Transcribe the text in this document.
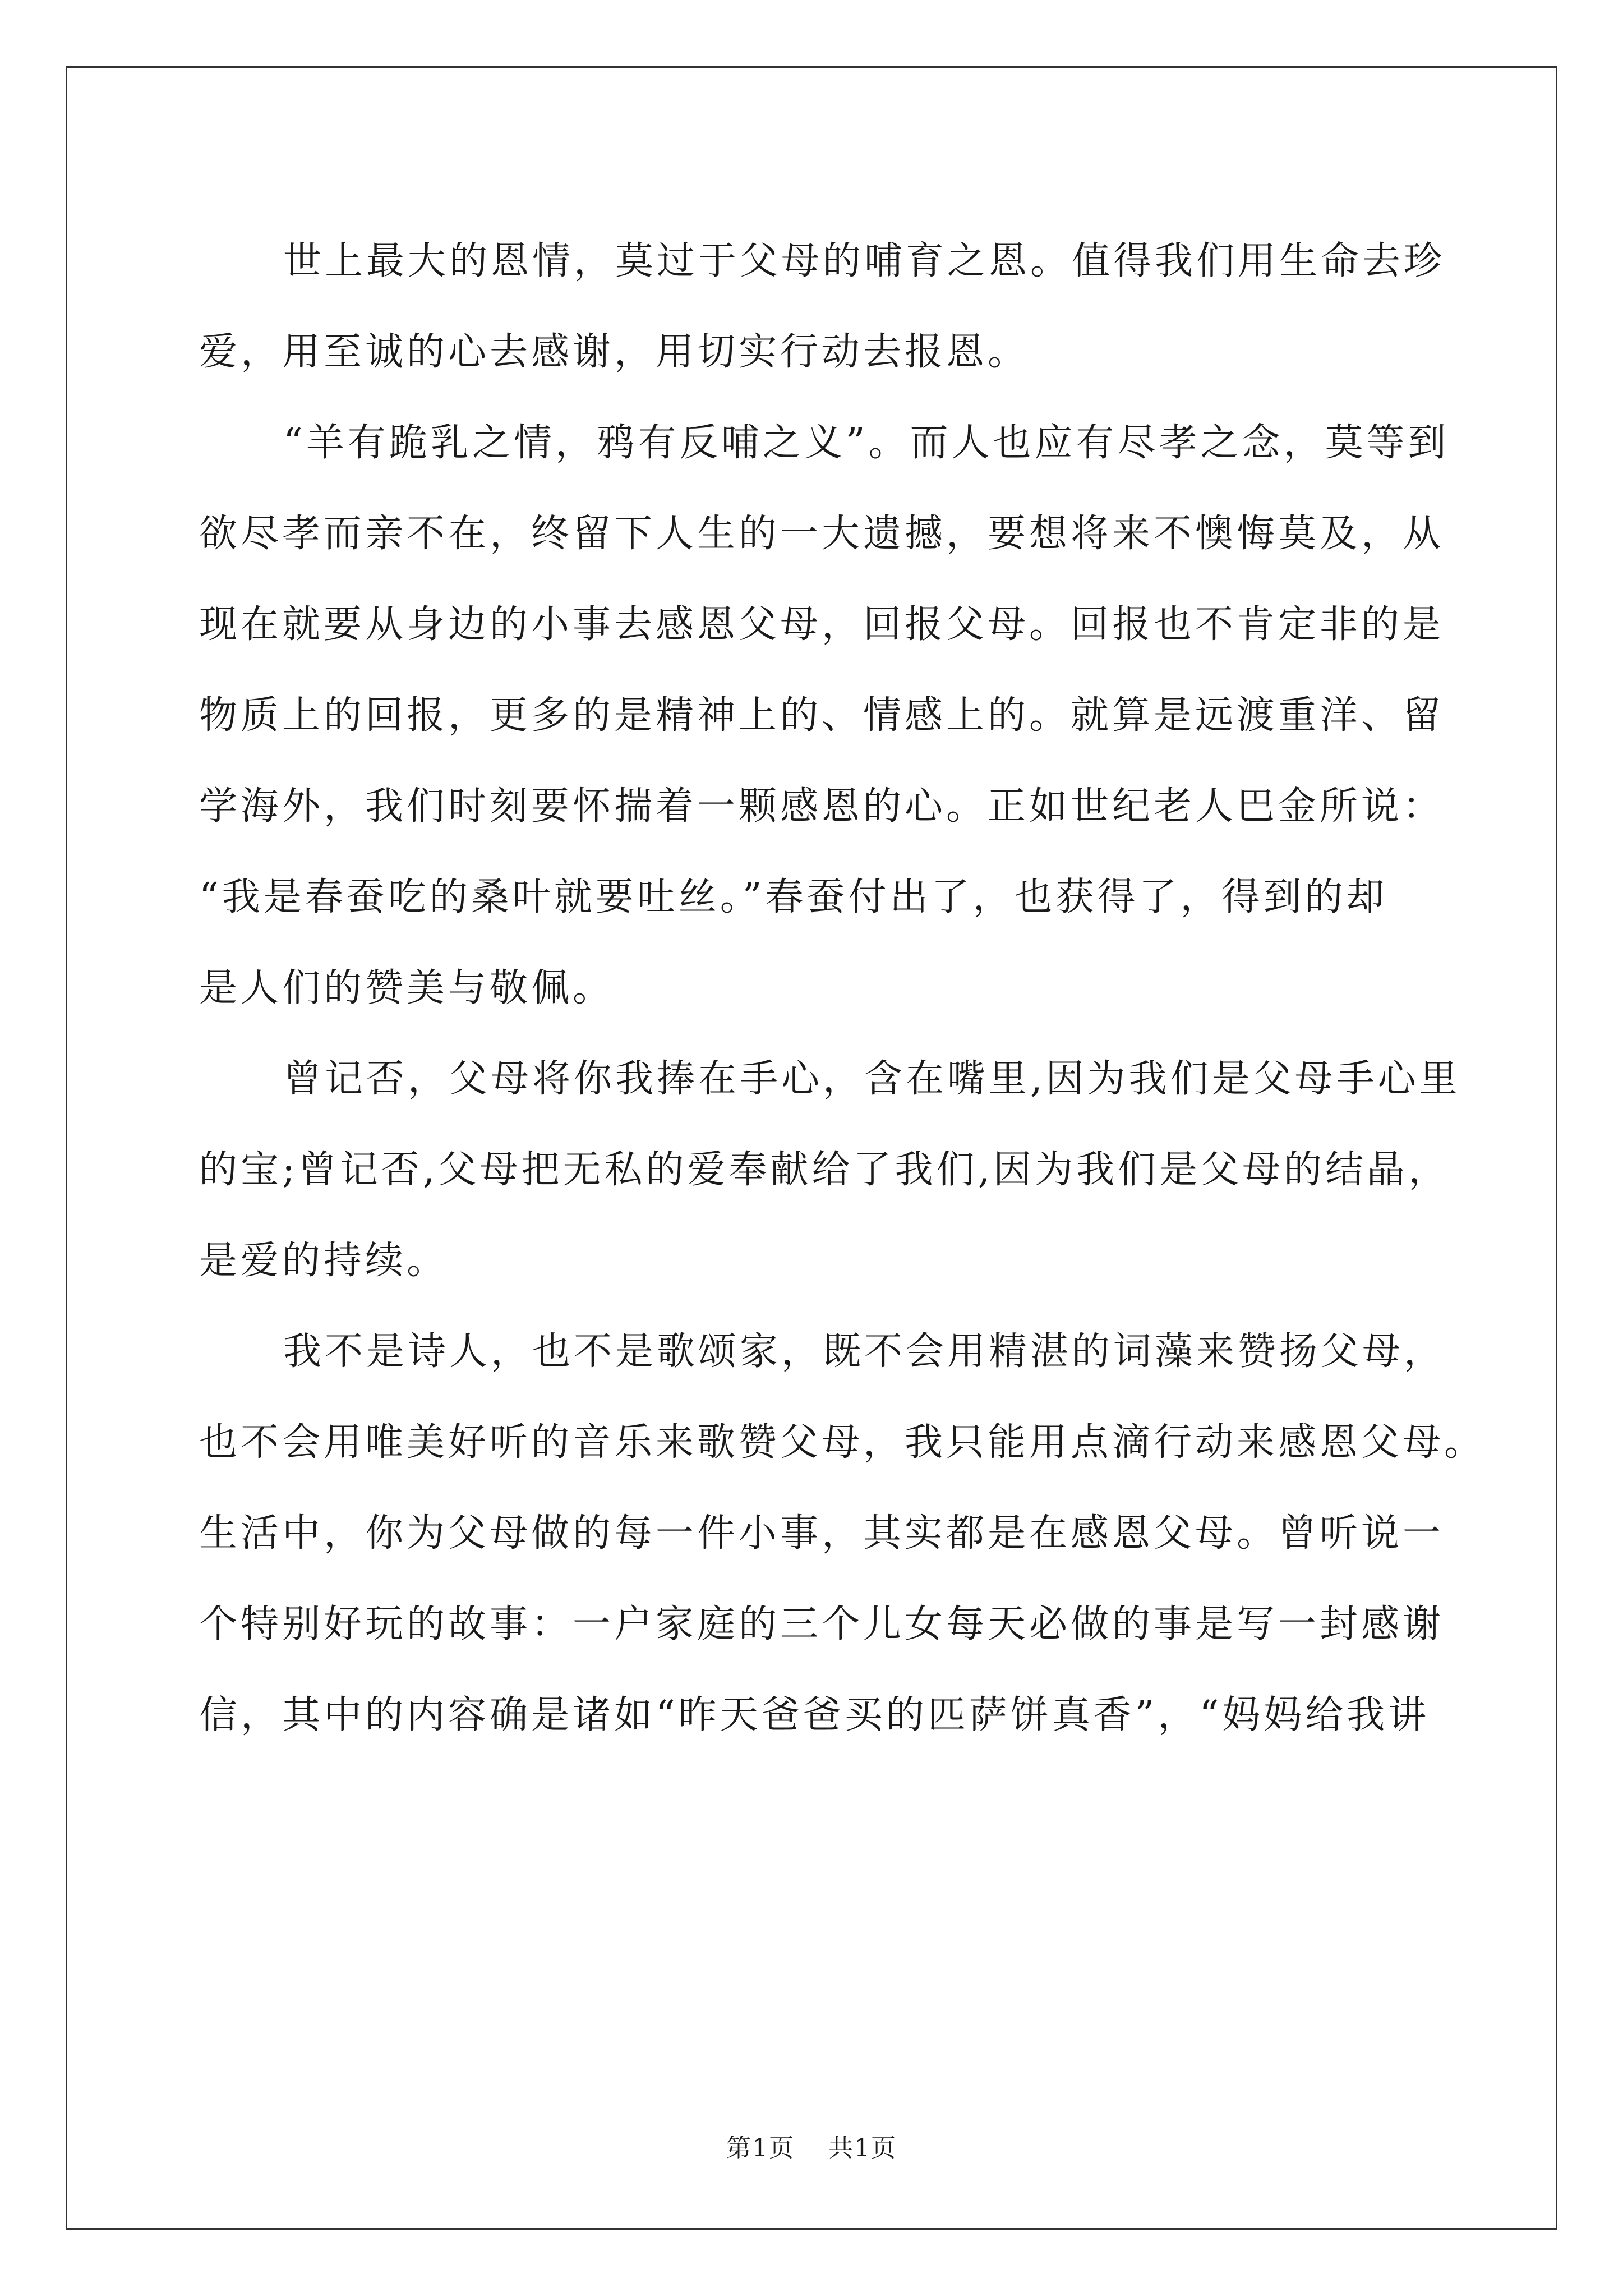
世上最大的恩情，莫过于父母的哺育之恩。值得我们用生命去珍
爱，用至诚的心去感谢，用切实行动去报恩。
“羊有跪乳之情，鸦有反哺之义”。而人也应有尽孝之念，莫等到
欲尽孝而亲不在，终留下人生的一大遗撼，要想将来不懊悔莫及，从
现在就要从身边的小事去感恩父母，回报父母。回报也不肯定非的是
物质上的回报，更多的是精神上的、情感上的。就算是远渡重洋、留
学海外，我们时刻要怀揣着一颗感恩的心。正如世纪老人巴金所说：
“我是春蚕吃的桑叶就要吐丝。”春蚕付出了，也获得了，得到的却
是人们的赞美与敬佩。
曾记否，父母将你我捧在手心，含在嘴里,因为我们是父母手心里
的宝;曾记否,父母把无私的爱奉献给了我们,因为我们是父母的结晶，
是爱的持续。
我不是诗人，也不是歌颂家，既不会用精湛的词藻来赞扬父母，
也不会用唯美好听的音乐来歌赞父母，我只能用点滴行动来感恩父母。
生活中，你为父母做的每一件小事，其实都是在感恩父母。曾听说一
个特别好玩的故事：一户家庭的三个儿女每天必做的事是写一封感谢
信，其中的内容确是诸如“昨天爸爸买的匹萨饼真香”，“妈妈给我讲
第1页 共1页
